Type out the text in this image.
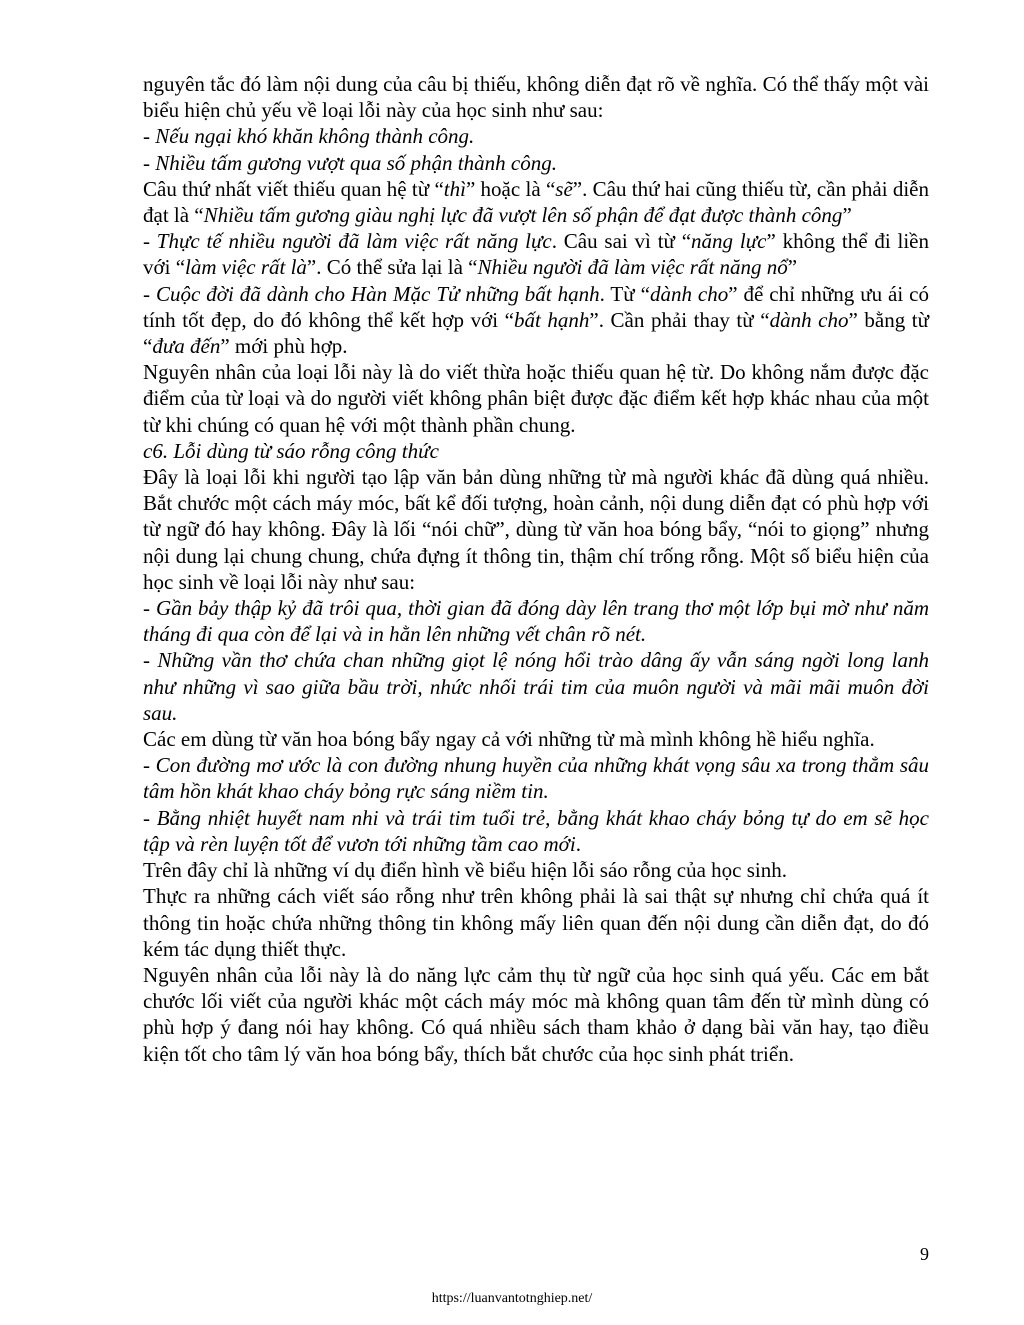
nguyên tắc đó làm nội dung của câu bị thiếu, không diễn đạt rõ về nghĩa. Có thể thấy một vài biểu hiện chủ yếu về loại lỗi này của học sinh như sau:

- Nếu ngại khó khăn không thành công.

- Nhiều tấm gương vượt qua số phận thành công.

Câu thứ nhất viết thiếu quan hệ từ “thì” hoặc là “sẽ”. Câu thứ hai cũng thiếu từ, cần phải diễn đạt là “Nhiều tấm gương giàu nghị lực đã vượt lên số phận để đạt được thành công”

- Thực tế nhiều người đã làm việc rất năng lực. Câu sai vì từ “năng lực” không thể đi liền với “làm việc rất là”. Có thể sửa lại là “Nhiều người đã làm việc rất năng nổ”

- Cuộc đời đã dành cho Hàn Mặc Tử những bất hạnh. Từ “dành cho” để chỉ những ưu ái có tính tốt đẹp, do đó không thể kết hợp với “bất hạnh”. Cần phải thay từ “dành cho” bằng từ “đưa đến” mới phù hợp.

Nguyên nhân của loại lỗi này là do viết thừa hoặc thiếu quan hệ từ. Do không nắm được đặc điểm của từ loại và do người viết không phân biệt được đặc điểm kết hợp khác nhau của một từ khi chúng có quan hệ với một thành phần chung.

c6. Lỗi dùng từ sáo rỗng công thức

Đây là loại lỗi khi người tạo lập văn bản dùng những từ mà người khác đã dùng quá nhiều. Bắt chước một cách máy móc, bất kể đối tượng, hoàn cảnh, nội dung diễn đạt có phù hợp với từ ngữ đó hay không. Đây là lối “nói chữ”, dùng từ văn hoa bóng bẩy, “nói to giọng” nhưng nội dung lại chung chung, chứa đựng ít thông tin, thậm chí trống rỗng. Một số biểu hiện của học sinh về loại lỗi này như sau:

- Gần bảy thập kỷ đã trôi qua, thời gian đã đóng dày lên trang thơ một lớp bụi mờ như năm tháng đi qua còn để lại và in hằn lên những vết chân rõ nét.

- Những vần thơ chứa chan những giọt lệ nóng hổi trào dâng ấy vẫn sáng ngời long lanh như những vì sao giữa bầu trời, nhức nhối trái tim của muôn người và mãi mãi muôn đời sau.

Các em dùng từ văn hoa bóng bẩy ngay cả với những từ mà mình không hề hiểu nghĩa.

- Con đường mơ ước là con đường nhung huyền của những khát vọng sâu xa trong thẳm sâu tâm hồn khát khao cháy bỏng rực sáng niềm tin.

- Bằng nhiệt huyết nam nhi và trái tim tuổi trẻ, bằng khát khao cháy bỏng tự do em sẽ học tập và rèn luyện tốt để vươn tới những tầm cao mới.

Trên đây chỉ là những ví dụ điển hình về biểu hiện lỗi sáo rỗng của học sinh.

Thực ra những cách viết sáo rỗng như trên không phải là sai thật sự nhưng chỉ chứa quá ít thông tin hoặc chứa những thông tin không mấy liên quan đến nội dung cần diễn đạt, do đó kém tác dụng thiết thực.

Nguyên nhân của lỗi này là do năng lực cảm thụ từ ngữ của học sinh quá yếu. Các em bắt chước lối viết của người khác một cách máy móc mà không quan tâm đến từ mình dùng có phù hợp ý đang nói hay không. Có quá nhiều sách tham khảo ở dạng bài văn hay, tạo điều kiện tốt cho tâm lý văn hoa bóng bẩy, thích bắt chước của học sinh phát triển.

9
https://luanvantotnghiep.net/
